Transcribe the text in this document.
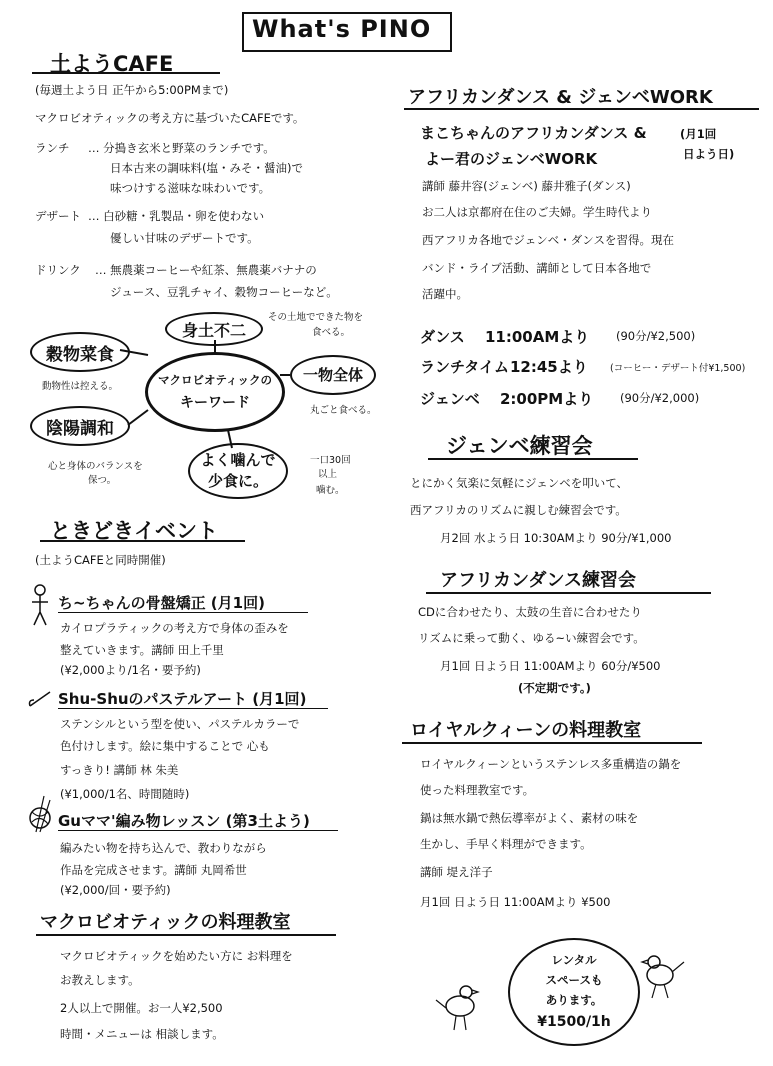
What's PINO
土ようCAFE
(毎週土よう日 正午から5:00PMまで)
マクロビオティックの考え方に基づいたCAFEです。
ランチ … 分搗き玄米と野菜のランチです。
日本古来の調味料(塩・みそ・醤油)で
味つけする滋味な味わいです。
デザート … 白砂糖・乳製品・卵を使わない
優しい甘味のデザートです。
ドリンク … 無農薬コーヒーや紅茶、無農薬バナナの
ジュース、豆乳チャイ、穀物コーヒーなど。
マクロビオティックの
キーワード
身土不二
その土地でできた物を
食べる。
穀物菜食
動物性は控える。
一物全体
丸ごと食べる。
陰陽調和
心と身体のバランスを
保つ。
よく噛んで
少食に。
一口30回
以上
噛む。
ときどきイベント
(土ようCAFEと同時開催)
ち~ちゃんの骨盤矯正 (月1回)
カイロプラティックの考え方で身体の歪みを
整えていきます。講師 田上千里
(¥2,000より/1名・要予約)
Shu-Shuのパステルアート (月1回)
ステンシルという型を使い、パステルカラーで
色付けします。絵に集中することで 心も
すっきり! 講師 林 朱美
(¥1,000/1名、時間随時)
Guママ'編み物レッスン (第3土よう)
編みたい物を持ち込んで、教わりながら
作品を完成させます。講師 丸岡希世
(¥2,000/回・要予約)
マクロビオティックの料理教室
マクロビオティックを始めたい方に お料理を
お教えします。
2人以上で開催。お一人¥2,500
時間・メニューは 相談します。
アフリカンダンス & ジェンベWORK
まこちゃんのアフリカンダンス &
よー君のジェンベWORK
(月1回
日よう日)
講師 藤井容(ジェンベ) 藤井雅子(ダンス)
お二人は京都府在住のご夫婦。学生時代より
西アフリカ各地でジェンベ・ダンスを習得。現在
バンド・ライブ活動、講師として日本各地で
活躍中。
ダンス 11:00AMより (90分/¥2,500)
ランチタイム 12:45より (コーヒー・デザート付¥1,500)
ジェンベ 2:00PMより (90分/¥2,000)
ジェンベ練習会
とにかく気楽に気軽にジェンベを叩いて、
西アフリカのリズムに親しむ練習会です。
月2回 水よう日 10:30AMより 90分/¥1,000
アフリカンダンス練習会
CDに合わせたり、太鼓の生音に合わせたり
リズムに乗って動く、ゆる~い練習会です。
月1回 日よう日 11:00AMより 60分/¥500
(不定期です。)
ロイヤルクィーンの料理教室
ロイヤルクィーンというステンレス多重構造の鍋を
使った料理教室です。
鍋は無水鍋で熱伝導率がよく、素材の味を
生かし、手早く料理ができます。
講師 堤え洋子
月1回 日よう日 11:00AMより ¥500
レンタル
スペースも
あります。
¥1500/1h
